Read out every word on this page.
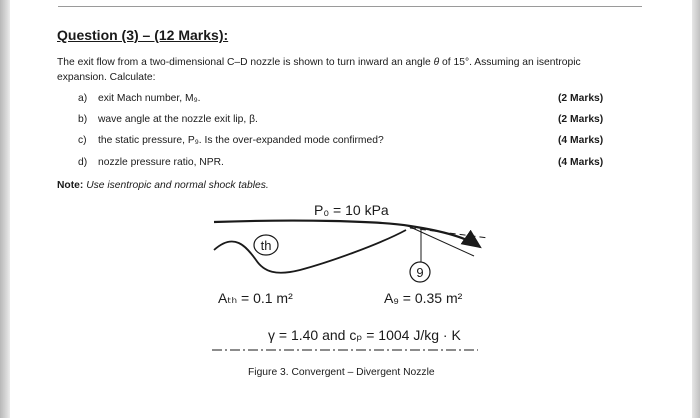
Question (3) – (12 Marks):
The exit flow from a two-dimensional C–D nozzle is shown to turn inward an angle θ of 15°. Assuming an isentropic expansion. Calculate:
a) exit Mach number, M₉.	(2 Marks)
b) wave angle at the nozzle exit lip, β.	(2 Marks)
c) the static pressure, P₉. Is the over-expanded mode confirmed?	(4 Marks)
d) nozzle pressure ratio, NPR.	(4 Marks)
Note: Use isentropic and normal shock tables.
th
9
P₀ = 10 kPa
Aₜₕ = 0.1 m²	A₉ = 0.35 m²
γ = 1.40 and cₚ = 1004 J/kg · K
Figure 3. Convergent – Divergent Nozzle
